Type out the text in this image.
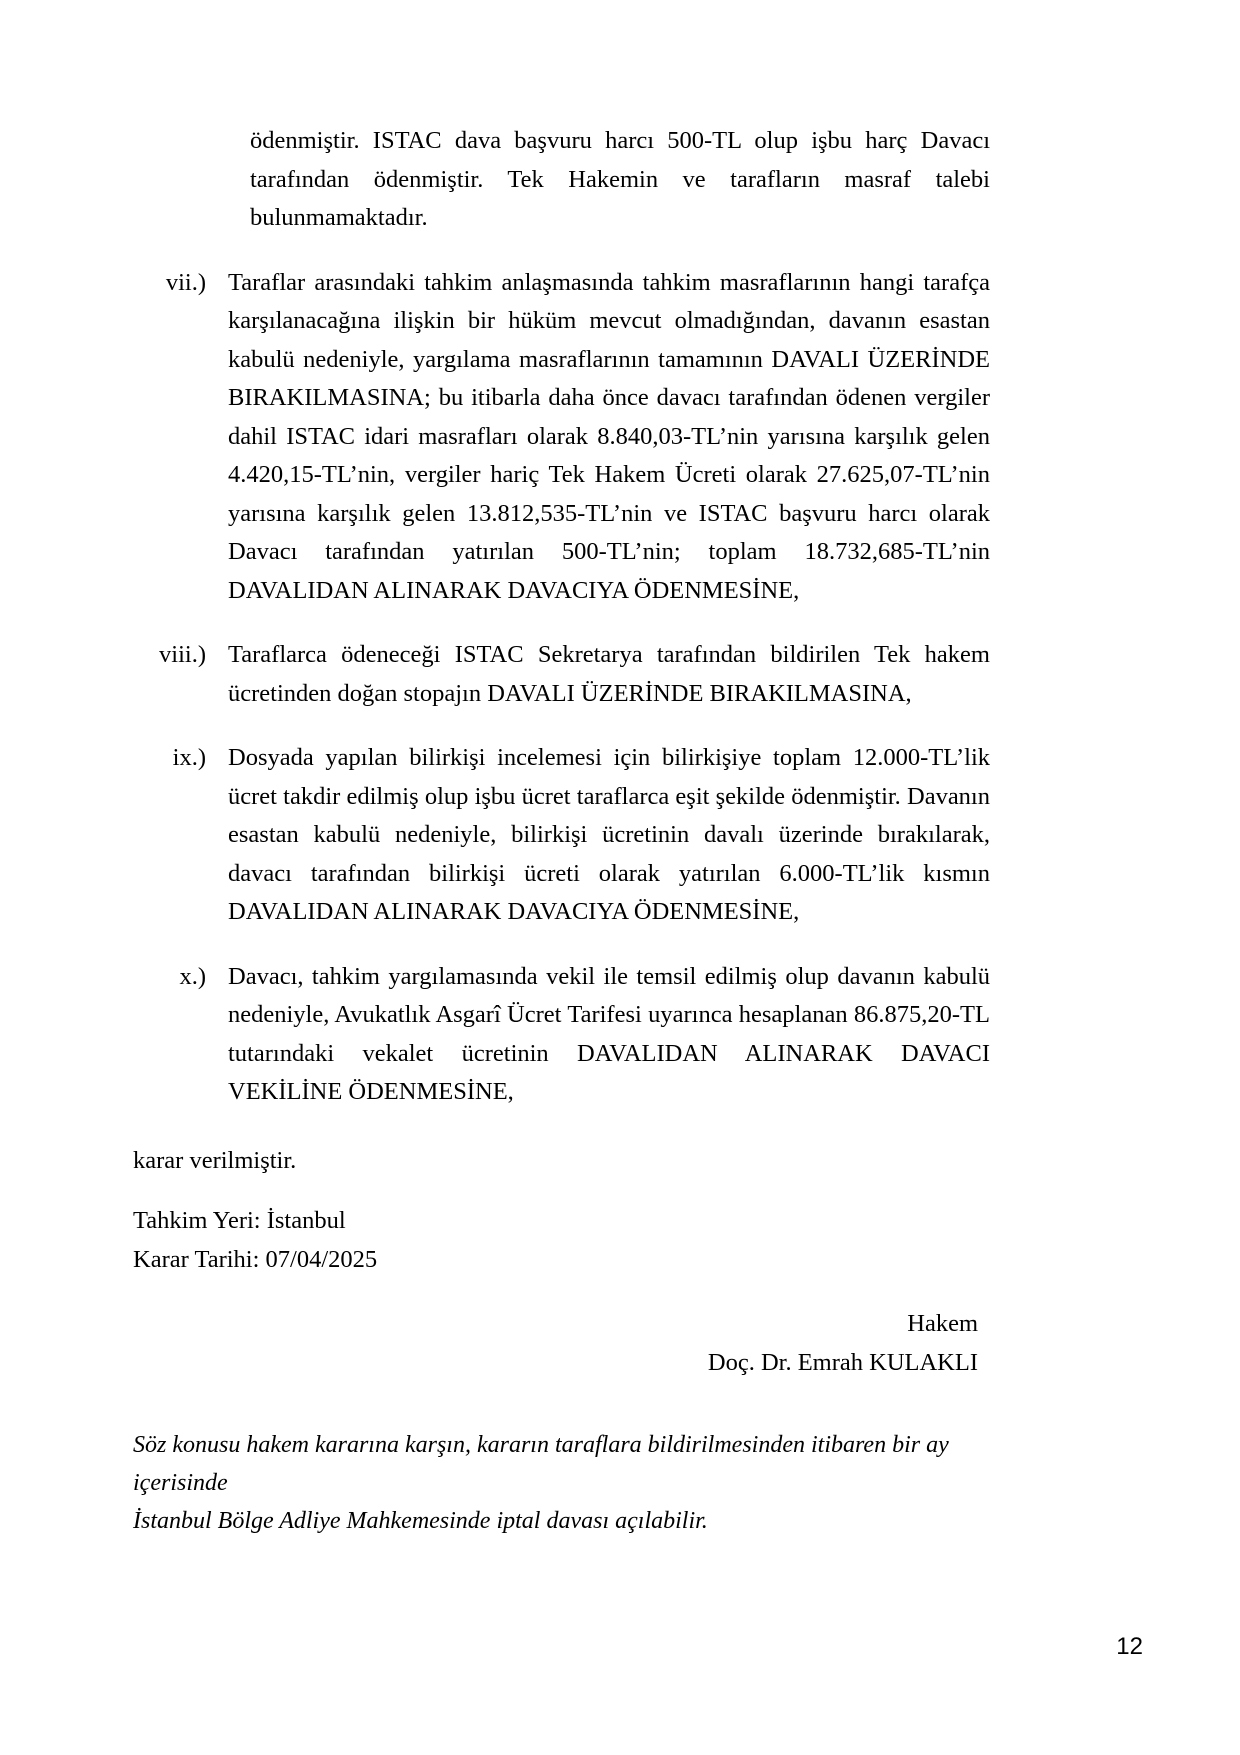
ödenmiştir. ISTAC dava başvuru harcı 500-TL olup işbu harç Davacı tarafından ödenmiştir. Tek Hakemin ve tarafların masraf talebi bulunmamaktadır.

vii.) Taraflar arasındaki tahkim anlaşmasında tahkim masraflarının hangi tarafça karşılanacağına ilişkin bir hüküm mevcut olmadığından, davanın esastan kabulü nedeniyle, yargılama masraflarının tamamının DAVALI ÜZERİNDE BIRAKILMASINA; bu itibarla daha önce davacı tarafından ödenen vergiler dahil ISTAC idari masrafları olarak 8.840,03-TL’nin yarısına karşılık gelen 4.420,15-TL’nin, vergiler hariç Tek Hakem Ücreti olarak 27.625,07-TL’nin yarısına karşılık gelen 13.812,535-TL’nin ve ISTAC başvuru harcı olarak Davacı tarafından yatırılan 500-TL’nin; toplam 18.732,685-TL’nin DAVALIDAN ALINARAK DAVACIYA ÖDENMESİNE,
viii.) Taraflarca ödeneceği ISTAC Sekretarya tarafından bildirilen Tek hakem ücretinden doğan stopajın DAVALI ÜZERİNDE BIRAKILMASINA,
ix.) Dosyada yapılan bilirkişi incelemesi için bilirkişiye toplam 12.000-TL’lik ücret takdir edilmiş olup işbu ücret taraflarca eşit şekilde ödenmiştir. Davanın esastan kabulü nedeniyle, bilirkişi ücretinin davalı üzerinde bırakılarak, davacı tarafından bilirkişi ücreti olarak yatırılan 6.000-TL’lik kısmın DAVALIDAN ALINARAK DAVACIYA ÖDENMESİNE,
x.) Davacı, tahkim yargılamasında vekil ile temsil edilmiş olup davanın kabulü nedeniyle, Avukatlık Asgarî Ücret Tarifesi uyarınca hesaplanan 86.875,20-TL tutarındaki vekalet ücretinin DAVALIDAN ALINARAK DAVACI VEKİLİNE ÖDENMESİNE,

karar verilmiştir.

Tahkim Yeri: İstanbul

Karar Tarihi: 07/04/2025

Hakem

Doç. Dr. Emrah KULAKLI

Söz konusu hakem kararına karşın, kararın taraflara bildirilmesinden itibaren bir ay içerisinde

İstanbul Bölge Adliye Mahkemesinde iptal davası açılabilir.

12
